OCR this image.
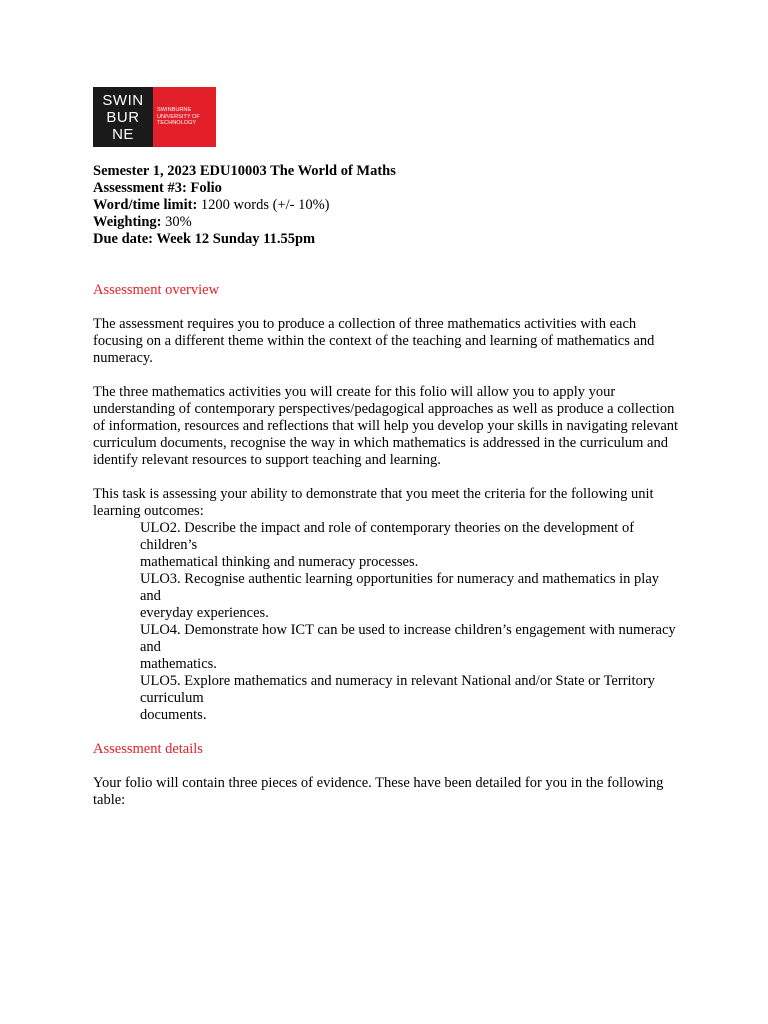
SWIN
BUR
NE
SWINBURNE
UNIVERSITY OF
TECHNOLOGY

Semester 1, 2023 EDU10003 The World of Maths

Assessment #3: Folio

Word/time limit: 1200 words (+/- 10%)

Weighting: 30%

Due date: Week 12 Sunday 11.55pm

Assessment overview

The assessment requires you to produce a collection of three mathematics activities with each focusing on a different theme within the context of the teaching and learning of mathematics and numeracy.

The three mathematics activities you will create for this folio will allow you to apply your understanding of contemporary perspectives/pedagogical approaches as well as produce a collection of information, resources and reflections that will help you develop your skills in navigating relevant curriculum documents, recognise the way in which mathematics is addressed in the curriculum and identify relevant resources to support teaching and learning.

This task is assessing your ability to demonstrate that you meet the criteria for the following unit learning outcomes:

ULO2. Describe the impact and role of contemporary theories on the development of children’s

mathematical thinking and numeracy processes.

ULO3. Recognise authentic learning opportunities for numeracy and mathematics in play and

everyday experiences.

ULO4. Demonstrate how ICT can be used to increase children’s engagement with numeracy and

mathematics.

ULO5. Explore mathematics and numeracy in relevant National and/or State or Territory curriculum

documents.

Assessment details

Your folio will contain three pieces of evidence. These have been detailed for you in the following table:
